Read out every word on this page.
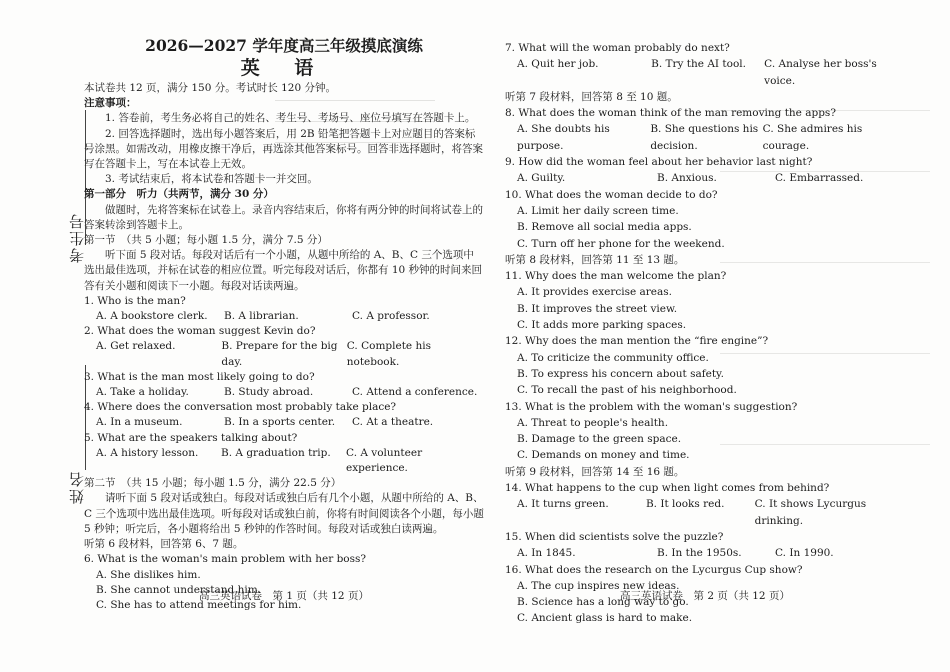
考生号
姓名
2026—2027 学年度高三年级摸底演练
英 语

本试卷共 12 页，满分 150 分。考试时长 120 分钟。

注意事项：

1. 答卷前，考生务必将自己的姓名、考生号、考场号、座位号填写在答题卡上。

2. 回答选择题时，选出每小题答案后，用 2B 铅笔把答题卡上对应题目的答案标号涂黑。如需改动，用橡皮擦干净后，再选涂其他答案标号。回答非选择题时，将答案写在答题卡上，写在本试卷上无效。

3. 考试结束后，将本试卷和答题卡一并交回。

第一部分　听力（共两节，满分 30 分）

做题时，先将答案标在试卷上。录音内容结束后，你将有两分钟的时间将试卷上的答案转涂到答题卡上。

第一节　（共 5 小题；每小题 1.5 分，满分 7.5 分）

听下面 5 段对话。每段对话后有一个小题，从题中所给的 A、B、C 三个选项中选出最佳选项，并标在试卷的相应位置。听完每段对话后，你都有 10 秒钟的时间来回答有关小题和阅读下一小题。每段对话读两遍。

1. Who is the man?

A. A bookstore clerk.	B. A librarian.	C. A professor.

2. What does the woman suggest Kevin do?

A. Get relaxed.	B. Prepare for the big day.
C. Complete his notebook.

3. What is the man most likely going to do?

A. Take a holiday.	B. Study abroad.	C. Attend a conference.

4. Where does the conversation most probably take place?

A. In a museum.	B. In a sports center.	C. At a theatre.

5. What are the speakers talking about?

A. A history lesson.	B. A graduation trip.	C. A volunteer experience.

第二节　（共 15 小题；每小题 1.5 分，满分 22.5 分）

请听下面 5 段对话或独白。每段对话或独白后有几个小题，从题中所给的 A、B、C 三个选项中选出最佳选项。听每段对话或独白前，你将有时间阅读各个小题，每小题 5 秒钟；听完后，各小题将给出 5 秒钟的作答时间。每段对话或独白读两遍。

听第 6 段材料，回答第 6、7 题。

6. What is the woman's main problem with her boss?

A. She dislikes him.

B. She cannot understand him.

C. She has to attend meetings for him.

高三英语试卷　第 1 页（共 12 页）

7. What will the woman probably do next?

A. Quit her job.	B. Try the AI tool.	C. Analyse her boss's voice.

听第 7 段材料，回答第 8 至 10 题。

8. What does the woman think of the man removing the apps?

A. She doubts his purpose.
B. She questions his decision.
C. She admires his courage.

9. How did the woman feel about her behavior last night?

A. Guilty.	B. Anxious.	C. Embarrassed.

10. What does the woman decide to do?

A. Limit her daily screen time.

B. Remove all social media apps.

C. Turn off her phone for the weekend.

听第 8 段材料，回答第 11 至 13 题。

11. Why does the man welcome the plan?

A. It provides exercise areas.

B. It improves the street view.

C. It adds more parking spaces.

12. Why does the man mention the “fire engine”?

A. To criticize the community office.

B. To express his concern about safety.

C. To recall the past of his neighborhood.

13. What is the problem with the woman's suggestion?

A. Threat to people's health.

B. Damage to the green space.

C. Demands on money and time.

听第 9 段材料，回答第 14 至 16 题。

14. What happens to the cup when light comes from behind?

A. It turns green.	B. It looks red.	C. It shows Lycurgus drinking.

15. When did scientists solve the puzzle?

A. In 1845.	B. In the 1950s.	C. In 1990.

16. What does the research on the Lycurgus Cup show?

A. The cup inspires new ideas.

B. Science has a long way to go.

C. Ancient glass is hard to make.

高三英语试卷　第 2 页（共 12 页）
